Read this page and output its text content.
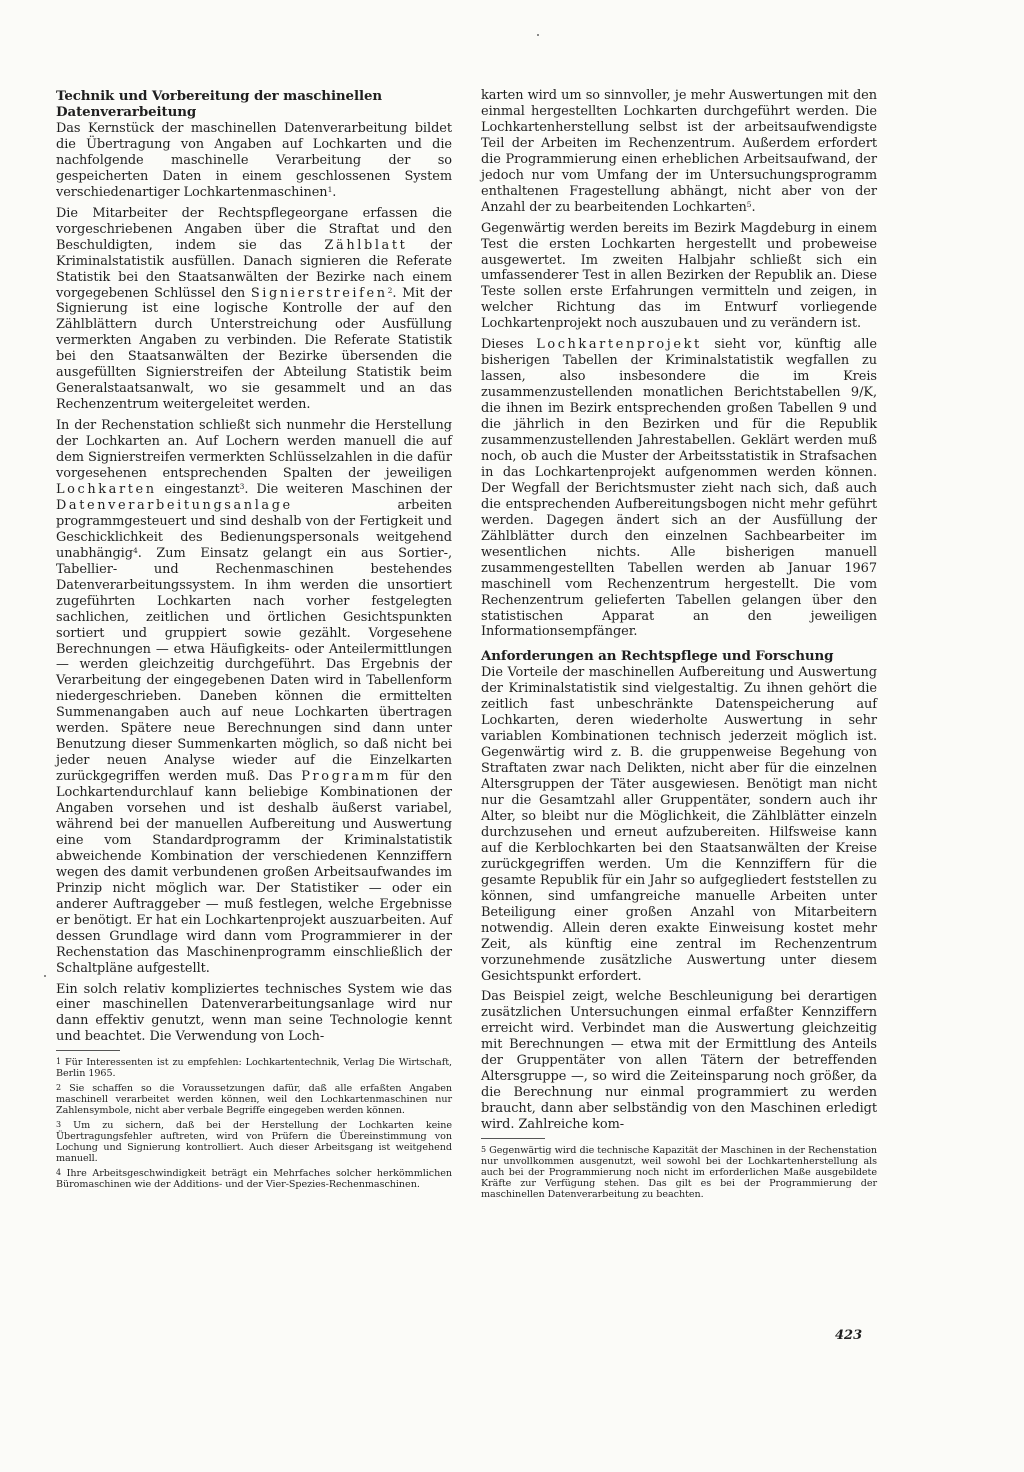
Technik und Vorbereitung der maschinellen Datenverarbeitung

Das Kernstück der maschinellen Datenverarbeitung bildet die Übertragung von Angaben auf Lochkarten und die nachfolgende maschinelle Verarbeitung der so gespeicherten Daten in einem geschlossenen System verschiedenartiger Lochkartenmaschinen$^1$.

Die Mitarbeiter der Rechtspflegeorgane erfassen die vorgeschriebenen Angaben über die Straftat und den Beschuldigten, indem sie das Zählblatt der Kriminalstatistik ausfüllen. Danach signieren die Referate Statistik bei den Staatsanwälten der Bezirke nach einem vorgegebenen Schlüssel den Signierstreifen$^2$. Mit der Signierung ist eine logische Kontrolle der auf den Zählblättern durch Unterstreichung oder Ausfüllung vermerkten Angaben zu verbinden. Die Referate Statistik bei den Staatsanwälten der Bezirke übersenden die ausgefüllten Signierstreifen der Abteilung Statistik beim Generalstaatsanwalt, wo sie gesammelt und an das Rechenzentrum weitergeleitet werden.

In der Rechenstation schließt sich nunmehr die Herstellung der Lochkarten an. Auf Lochern werden manuell die auf dem Signierstreifen vermerkten Schlüsselzahlen in die dafür vorgesehenen entsprechenden Spalten der jeweiligen Lochkarten eingestanzt$^3$. Die weiteren Maschinen der Datenverarbeitungsanlage arbeiten programmgesteuert und sind deshalb von der Fertigkeit und Geschicklichkeit des Bedienungspersonals weitgehend unabhängig$^4$. Zum Einsatz gelangt ein aus Sortier-, Tabellier- und Rechenmaschinen bestehendes Datenverarbeitungssystem. In ihm werden die unsortiert zugeführten Lochkarten nach vorher festgelegten sachlichen, zeitlichen und örtlichen Gesichtspunkten sortiert und gruppiert sowie gezählt. Vorgesehene Berechnungen — etwa Häufigkeits- oder Anteilermittlungen — werden gleichzeitig durchgeführt. Das Ergebnis der Verarbeitung der eingegebenen Daten wird in Tabellenform niedergeschrieben. Daneben können die ermittelten Summenangaben auch auf neue Lochkarten übertragen werden. Spätere neue Berechnungen sind dann unter Benutzung dieser Summenkarten möglich, so daß nicht bei jeder neuen Analyse wieder auf die Einzelkarten zurückgegriffen werden muß. Das Programm für den Lochkartendurchlauf kann beliebige Kombinationen der Angaben vorsehen und ist deshalb äußerst variabel, während bei der manuellen Aufbereitung und Auswertung eine vom Standardprogramm der Kriminalstatistik abweichende Kombination der verschiedenen Kennziffern wegen des damit verbundenen großen Arbeitsaufwandes im Prinzip nicht möglich war. Der Statistiker — oder ein anderer Auftraggeber — muß festlegen, welche Ergebnisse er benötigt. Er hat ein Lochkartenprojekt auszuarbeiten. Auf dessen Grundlage wird dann vom Programmierer in der Rechenstation das Maschinenprogramm einschließlich der Schaltpläne aufgestellt.

Ein solch relativ kompliziertes technisches System wie das einer maschinellen Datenverarbeitungsanlage wird nur dann effektiv genutzt, wenn man seine Technologie kennt und beachtet. Die Verwendung von Loch-

1 Für Interessenten ist zu empfehlen: Lochkartentechnik, Verlag Die Wirtschaft, Berlin 1965.

2 Sie schaffen so die Voraussetzungen dafür, daß alle erfaßten Angaben maschinell verarbeitet werden können, weil den Lochkartenmaschinen nur Zahlensymbole, nicht aber verbale Begriffe eingegeben werden können.

3 Um zu sichern, daß bei der Herstellung der Lochkarten keine Übertragungsfehler auftreten, wird von Prüfern die Übereinstimmung von Lochung und Signierung kontrolliert. Auch dieser Arbeitsgang ist weitgehend manuell.

4 Ihre Arbeitsgeschwindigkeit beträgt ein Mehrfaches solcher herkömmlichen Büromaschinen wie der Additions- und der Vier-Spezies-Rechenmaschinen.

karten wird um so sinnvoller, je mehr Auswertungen mit den einmal hergestellten Lochkarten durchgeführt werden. Die Lochkartenherstellung selbst ist der arbeitsaufwendigste Teil der Arbeiten im Rechenzentrum. Außerdem erfordert die Programmierung einen erheblichen Arbeitsaufwand, der jedoch nur vom Umfang der im Untersuchungsprogramm enthaltenen Fragestellung abhängt, nicht aber von der Anzahl der zu bearbeitenden Lochkarten$^5$.

Gegenwärtig werden bereits im Bezirk Magdeburg in einem Test die ersten Lochkarten hergestellt und probeweise ausgewertet. Im zweiten Halbjahr schließt sich ein umfassenderer Test in allen Bezirken der Republik an. Diese Teste sollen erste Erfahrungen vermitteln und zeigen, in welcher Richtung das im Entwurf vorliegende Lochkartenprojekt noch auszubauen und zu verändern ist.

Dieses Lochkartenprojekt sieht vor, künftig alle bisherigen Tabellen der Kriminalstatistik wegfallen zu lassen, also insbesondere die im Kreis zusammenzustellenden monatlichen Berichtstabellen 9/K, die ihnen im Bezirk entsprechenden großen Tabellen 9 und die jährlich in den Bezirken und für die Republik zusammenzustellenden Jahrestabellen. Geklärt werden muß noch, ob auch die Muster der Arbeitsstatistik in Strafsachen in das Lochkartenprojekt aufgenommen werden können. Der Wegfall der Berichtsmuster zieht nach sich, daß auch die entsprechenden Aufbereitungsbogen nicht mehr geführt werden. Dagegen ändert sich an der Ausfüllung der Zählblätter durch den einzelnen Sachbearbeiter im wesentlichen nichts. Alle bisherigen manuell zusammengestellten Tabellen werden ab Januar 1967 maschinell vom Rechenzentrum hergestellt. Die vom Rechenzentrum gelieferten Tabellen gelangen über den statistischen Apparat an den jeweiligen Informationsempfänger.

Anforderungen an Rechtspflege und Forschung

Die Vorteile der maschinellen Aufbereitung und Auswertung der Kriminalstatistik sind vielgestaltig. Zu ihnen gehört die zeitlich fast unbeschränkte Datenspeicherung auf Lochkarten, deren wiederholte Auswertung in sehr variablen Kombinationen technisch jederzeit möglich ist. Gegenwärtig wird z. B. die gruppenweise Begehung von Straftaten zwar nach Delikten, nicht aber für die einzelnen Altersgruppen der Täter ausgewiesen. Benötigt man nicht nur die Gesamtzahl aller Gruppentäter, sondern auch ihr Alter, so bleibt nur die Möglichkeit, die Zählblätter einzeln durchzusehen und erneut aufzubereiten. Hilfsweise kann auf die Kerblochkarten bei den Staatsanwälten der Kreise zurückgegriffen werden. Um die Kennziffern für die gesamte Republik für ein Jahr so aufgegliedert feststellen zu können, sind umfangreiche manuelle Arbeiten unter Beteiligung einer großen Anzahl von Mitarbeitern notwendig. Allein deren exakte Einweisung kostet mehr Zeit, als künftig eine zentral im Rechenzentrum vorzunehmende zusätzliche Auswertung unter diesem Gesichtspunkt erfordert.

Das Beispiel zeigt, welche Beschleunigung bei derartigen zusätzlichen Untersuchungen einmal erfaßter Kennziffern erreicht wird. Verbindet man die Auswertung gleichzeitig mit Berechnungen — etwa mit der Ermittlung des Anteils der Gruppentäter von allen Tätern der betreffenden Altersgruppe —, so wird die Zeiteinsparung noch größer, da die Berechnung nur einmal programmiert zu werden braucht, dann aber selbständig von den Maschinen erledigt wird. Zahlreiche kom-

5 Gegenwärtig wird die technische Kapazität der Maschinen in der Rechenstation nur unvollkommen ausgenutzt, weil sowohl bei der Lochkartenherstellung als auch bei der Programmierung noch nicht im erforderlichen Maße ausgebildete Kräfte zur Verfügung stehen. Das gilt es bei der Programmierung der maschinellen Datenverarbeitung zu beachten.

423
